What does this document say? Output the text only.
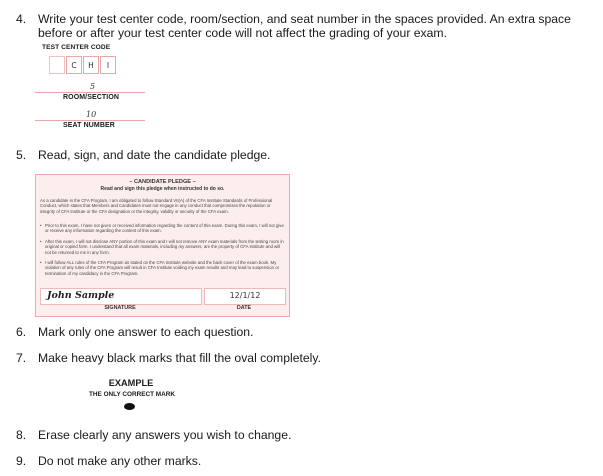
4. Write your test center code, room/section, and seat number in the spaces provided. An extra space before or after your test center code will not affect the grading of your exam.
TEST CENTER CODE
C	H	I
5
ROOM/SECTION
10
SEAT NUMBER
5. Read, sign, and date the candidate pledge.
– CANDIDATE PLEDGE –
Read and sign this pledge when instructed to do so.
As a candidate in the CFA Program, I am obligated to follow Standard VII(A) of the CFA Institute Standards of Professional Conduct, which states that Members and Candidates must not engage in any conduct that compromises the reputation or integrity of CFA Institute or the CFA designation or the integrity, validity or security of the CFA exam.
• Prior to this exam, I have not given or received information regarding the content of this exam. During this exam, I will not give or receive any information regarding the content of this exam.
• After this exam, I will not disclose ANY portion of this exam and I will not remove ANY exam materials from the testing room in original or copied form. I understand that all exam materials, including my answers, are the property of CFA Institute and will not be returned to me in any form.
• I will follow ALL rules of the CFA Program as stated on the CFA Institute website and the back cover of the exam book. My violation of any rules of the CFA Program will result in CFA Institute voiding my exam results and may lead to suspension or termination of my candidacy in the CFA Program.
John Sample	12/1/12
SIGNATURE	DATE
6. Mark only one answer to each question.
7. Make heavy black marks that fill the oval completely.
EXAMPLE
THE ONLY CORRECT MARK
8. Erase clearly any answers you wish to change.
9. Do not make any other marks.
